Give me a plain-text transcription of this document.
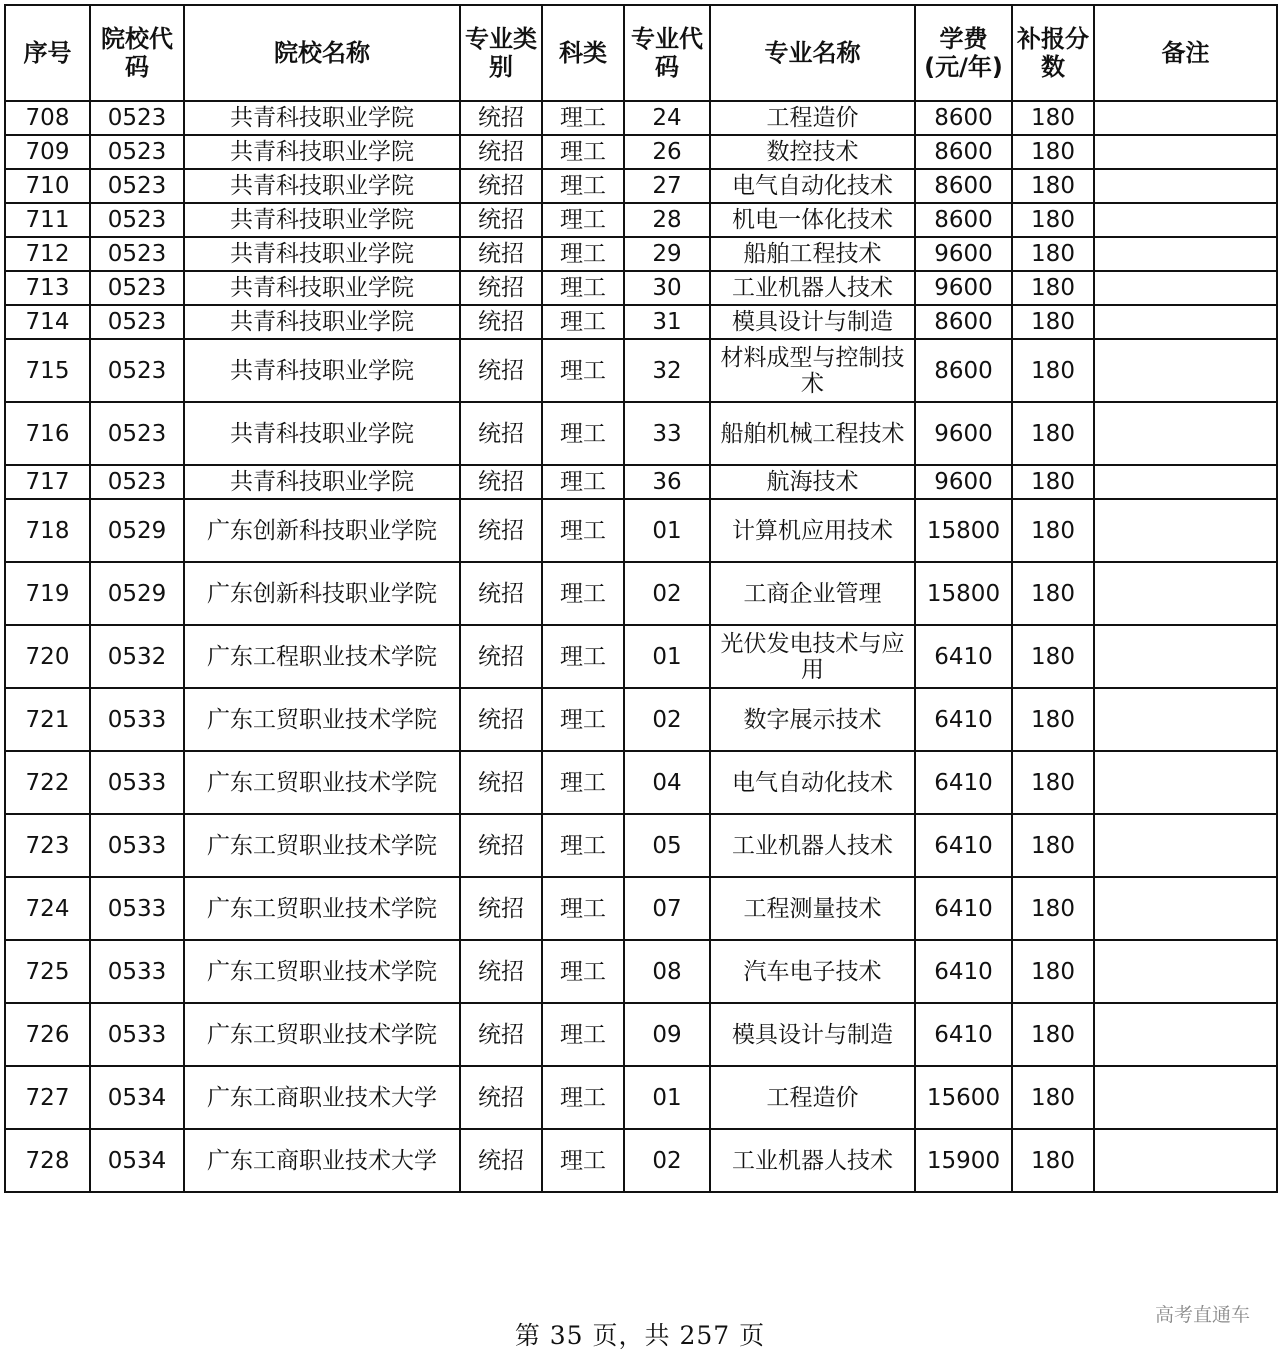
序号	院校代码	院校名称	专业类别	科类	专业代码	专业名称	学费(元/年)	补报分数	备注
708	0523	共青科技职业学院	统招	理工	24	工程造价	8600	180	
709	0523	共青科技职业学院	统招	理工	26	数控技术	8600	180	
710	0523	共青科技职业学院	统招	理工	27	电气自动化技术	8600	180	
711	0523	共青科技职业学院	统招	理工	28	机电一体化技术	8600	180	
712	0523	共青科技职业学院	统招	理工	29	船舶工程技术	9600	180	
713	0523	共青科技职业学院	统招	理工	30	工业机器人技术	9600	180	
714	0523	共青科技职业学院	统招	理工	31	模具设计与制造	8600	180	
715	0523	共青科技职业学院	统招	理工	32	材料成型与控制技术	8600	180	
716	0523	共青科技职业学院	统招	理工	33	船舶机械工程技术	9600	180	
717	0523	共青科技职业学院	统招	理工	36	航海技术	9600	180	
718	0529	广东创新科技职业学院	统招	理工	01	计算机应用技术	15800	180	
719	0529	广东创新科技职业学院	统招	理工	02	工商企业管理	15800	180	
720	0532	广东工程职业技术学院	统招	理工	01	光伏发电技术与应用	6410	180	
721	0533	广东工贸职业技术学院	统招	理工	02	数字展示技术	6410	180	
722	0533	广东工贸职业技术学院	统招	理工	04	电气自动化技术	6410	180	
723	0533	广东工贸职业技术学院	统招	理工	05	工业机器人技术	6410	180	
724	0533	广东工贸职业技术学院	统招	理工	07	工程测量技术	6410	180	
725	0533	广东工贸职业技术学院	统招	理工	08	汽车电子技术	6410	180	
726	0533	广东工贸职业技术学院	统招	理工	09	模具设计与制造	6410	180	
727	0534	广东工商职业技术大学	统招	理工	01	工程造价	15600	180	
728	0534	广东工商职业技术大学	统招	理工	02	工业机器人技术	15900	180	
第 35 页，共 257 页
高考直通车
